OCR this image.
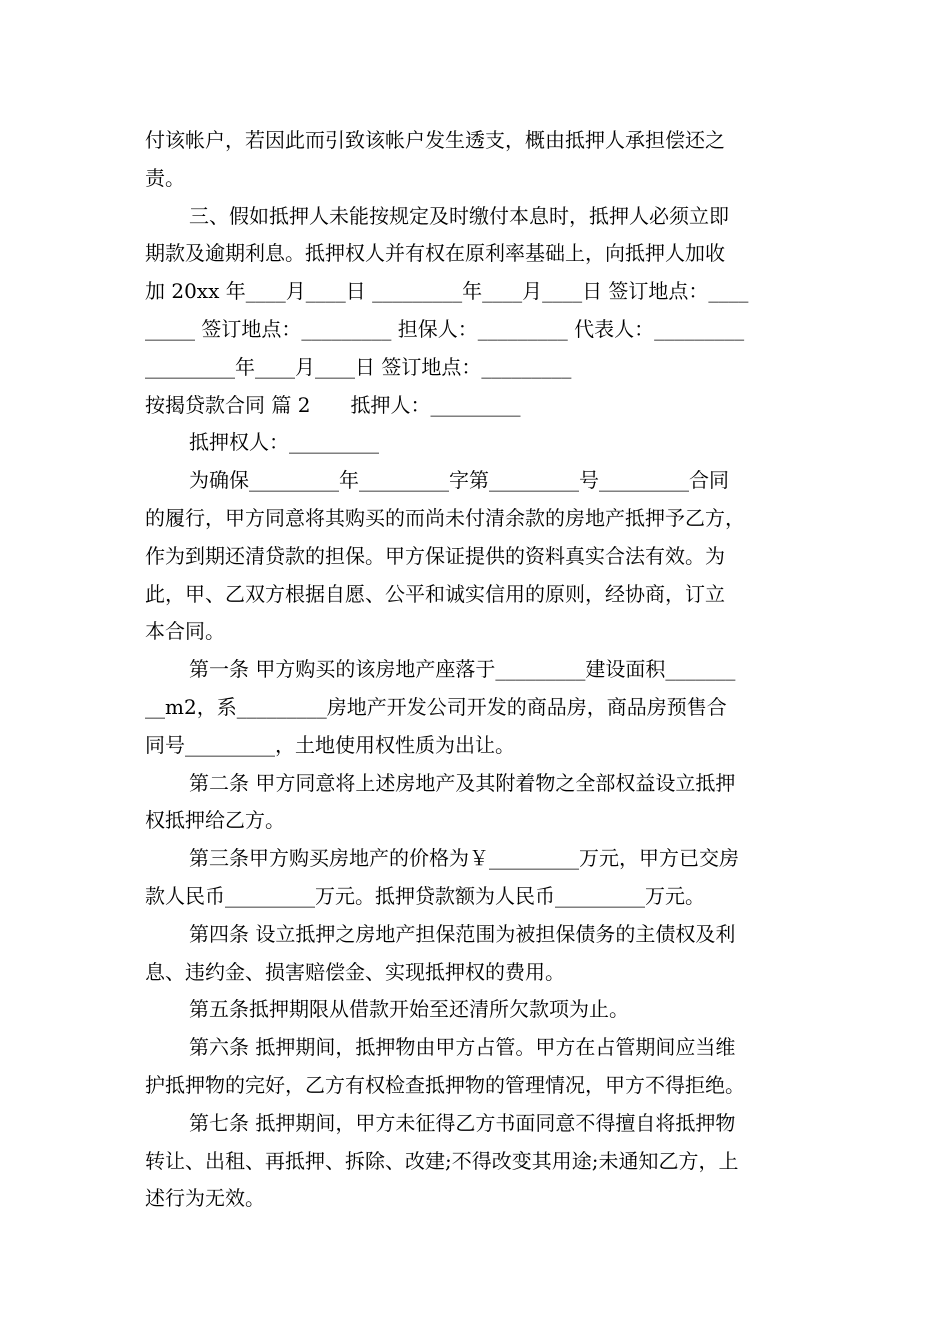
付该帐户，若因此而引致该帐户发生透支，概由抵押人承担偿还之

责。

三、假如抵押人未能按规定及时缴付本息时，抵押人必须立即

期款及逾期利息。抵押权人并有权在原利率基础上，向抵押人加收

加 20xx 年____月____日 _________年____月____日 签订地点：____

_____ 签订地点：_________ 担保人：_________ 代表人：_________

_________年____月____日 签订地点：_________

按揭贷款合同 篇 2　　抵押人：_________

抵押权人：_________

为确保_________年_________字第_________号_________合同

的履行，甲方同意将其购买的而尚未付清余款的房地产抵押予乙方，

作为到期还清贷款的担保。甲方保证提供的资料真实合法有效。为

此，甲、乙双方根据自愿、公平和诚实信用的原则，经协商，订立

本合同。

第一条 甲方购买的该房地产座落于_________建设面积_______

__m2，系_________房地产开发公司开发的商品房，商品房预售合

同号_________，土地使用权性质为出让。

第二条 甲方同意将上述房地产及其附着物之全部权益设立抵押

权抵押给乙方。

第三条甲方购买房地产的价格为￥_________万元，甲方已交房

款人民币_________万元。抵押贷款额为人民币_________万元。

第四条 设立抵押之房地产担保范围为被担保债务的主债权及利

息、违约金、损害赔偿金、实现抵押权的费用。

第五条抵押期限从借款开始至还清所欠款项为止。

第六条 抵押期间，抵押物由甲方占管。甲方在占管期间应当维

护抵押物的完好，乙方有权检查抵押物的管理情况，甲方不得拒绝。

第七条 抵押期间，甲方未征得乙方书面同意不得擅自将抵押物

转让、出租、再抵押、拆除、改建;不得改变其用途;未通知乙方，上

述行为无效。
